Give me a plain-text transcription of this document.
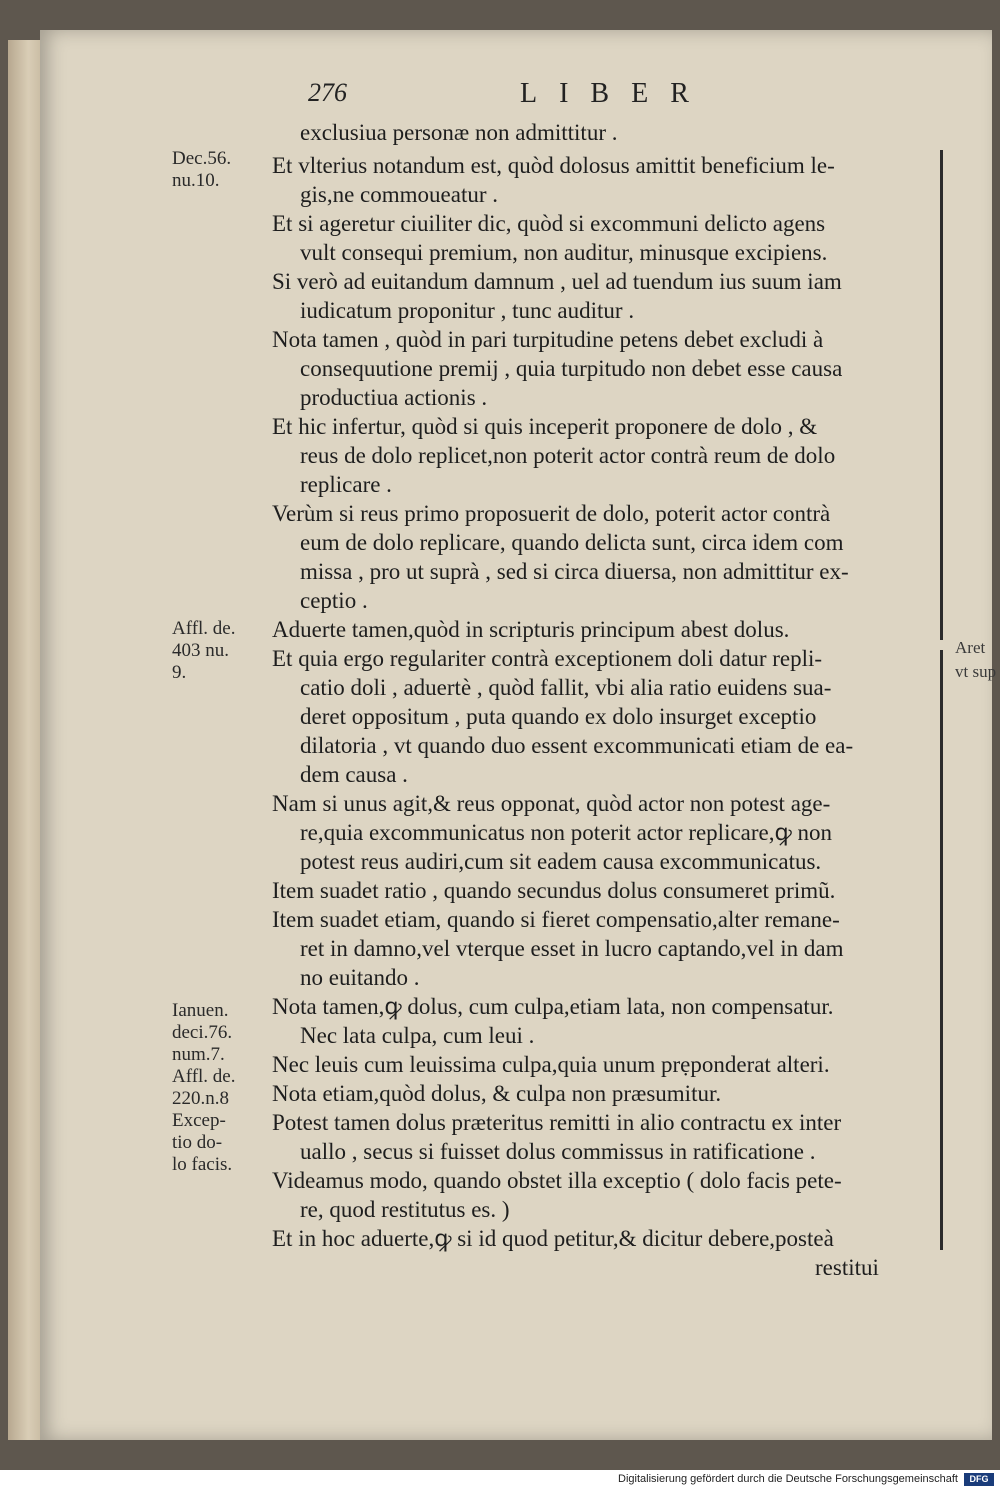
276	LIBER
Dec.56.
nu.10.
Affl. de.
403 nu.
9.
Ianuen.
deci.76.
num.7.
Affl. de.
220.n.8
Excep-
tio do-
lo facis.
exclusiua personæ non admittitur .
Et vlterius notandum est, quòd dolosus amittit beneficium le-
gis,ne commoueatur .
Et si ageretur ciuiliter dic, quòd si excommuni delicto agens
vult consequi premium, non auditur, minusque excipiens.
Si verò ad euitandum damnum , uel ad tuendum ius suum iam
iudicatum proponitur , tunc auditur .
Nota tamen , quòd in pari turpitudine petens debet excludi à
consequutione premij , quia turpitudo non debet esse causa
productiua actionis .
Et hic infertur, quòd si quis inceperit proponere de dolo , &
reus de dolo replicet,non poterit actor contrà reum de dolo
replicare .
Verùm si reus primo proposuerit de dolo, poterit actor contrà
eum de dolo replicare, quando delicta sunt, circa idem com
missa , pro ut suprà , sed si circa diuersa, non admittitur ex-
ceptio .
Aduerte tamen,quòd in scripturis principum abest dolus.
Et quia ergo regulariter contrà exceptionem doli datur repli-
catio doli , aduertè , quòd fallit, vbi alia ratio euidens sua-
deret oppositum , puta quando ex dolo insurget exceptio
dilatoria , vt quando duo essent excommunicati etiam de ea-
dem causa .
Nam si unus agit,& reus opponat, quòd actor non potest age-
re,quia excommunicatus non poterit actor replicare,ꝙ non
potest reus audiri,cum sit eadem causa excommunicatus.
Item suadet ratio , quando secundus dolus consumeret primũ.
Item suadet etiam, quando si fieret compensatio,alter remane-
ret in damno,vel vterque esset in lucro captando,vel in dam
no euitando .
Nota tamen,ꝙ dolus, cum culpa,etiam lata, non compensatur.
Nec lata culpa, cum leui .
Nec leuis cum leuissima culpa,quia unum prẹponderat alteri.
Nota etiam,quòd dolus, & culpa non præsumitur.
Potest tamen dolus præteritus remitti in alio contractu ex inter
uallo , secus si fuisset dolus commissus in ratificatione .
Videamus modo, quando obstet illa exceptio ( dolo facis pete-
re, quod restitutus es. )
Et in hoc aduerte,ꝙ si id quod petitur,& dicitur debere,posteà
restitui
Aret
vt sup
Digitalisierung gefördert durch die Deutsche Forschungsgemeinschaft	DFG
